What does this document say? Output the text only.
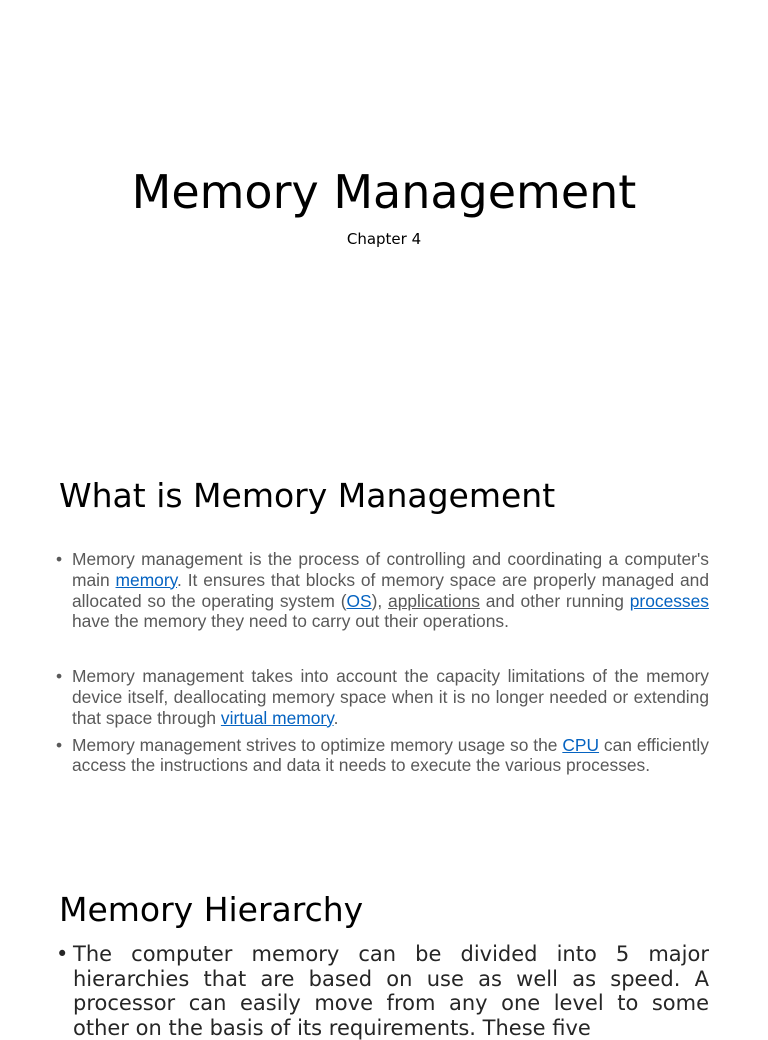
Memory Management
Chapter 4
What is Memory Management
• Memory management is the process of controlling and coordinating a computer's main memory. It ensures that blocks of memory space are properly managed and allocated so the operating system (OS), applications and other running processes have the memory they need to carry out their operations.
• Memory management takes into account the capacity limitations of the memory device itself, deallocating memory space when it is no longer needed or extending that space through virtual memory.
• Memory management strives to optimize memory usage so the CPU can efficiently access the instructions and data it needs to execute the various processes.
Memory Hierarchy
• The computer memory can be divided into 5 major hierarchies that are based on use as well as speed. A processor can easily move from any one level to some other on the basis of its requirements. These five
